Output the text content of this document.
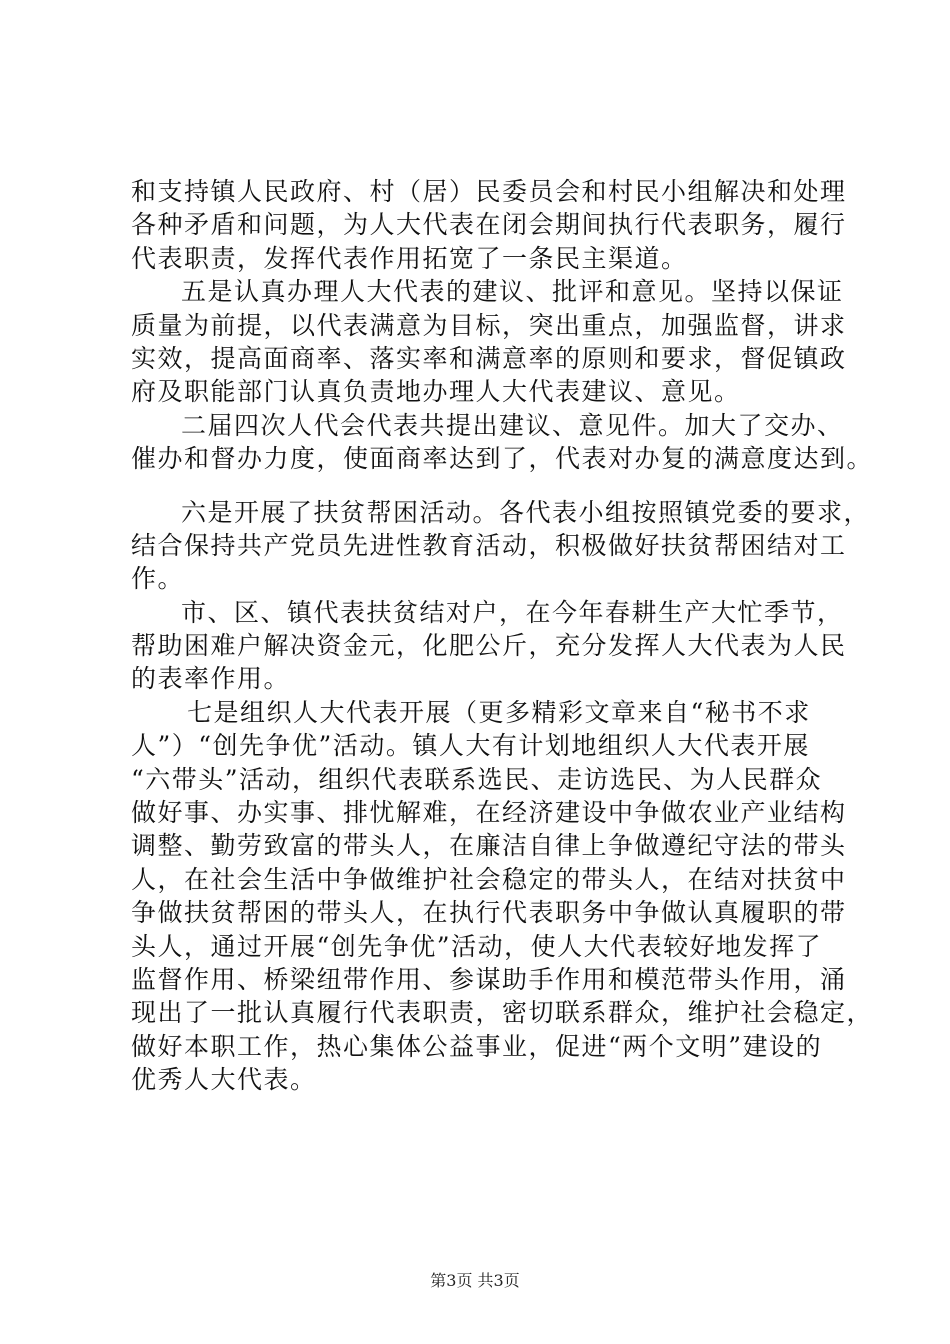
和支持镇人民政府、村（居）民委员会和村民小组解决和处理
各种矛盾和问题，为人大代表在闭会期间执行代表职务，履行
代表职责，发挥代表作用拓宽了一条民主渠道。
五是认真办理人大代表的建议、批评和意见。坚持以保证
质量为前提，以代表满意为目标，突出重点，加强监督，讲求
实效，提高面商率、落实率和满意率的原则和要求，督促镇政
府及职能部门认真负责地办理人大代表建议、意见。
二届四次人代会代表共提出建议、意见件。加大了交办、
催办和督办力度，使面商率达到了，代表对办复的满意度达到。
六是开展了扶贫帮困活动。各代表小组按照镇党委的要求，
结合保持共产党员先进性教育活动，积极做好扶贫帮困结对工
作。
市、区、镇代表扶贫结对户，在今年春耕生产大忙季节，
帮助困难户解决资金元，化肥公斤，充分发挥人大代表为人民
的表率作用。
七是组织人大代表开展（更多精彩文章来自“秘书不求
人”）“创先争优”活动。镇人大有计划地组织人大代表开展
“六带头”活动，组织代表联系选民、走访选民、为人民群众
做好事、办实事、排忧解难，在经济建设中争做农业产业结构
调整、勤劳致富的带头人，在廉洁自律上争做遵纪守法的带头
人，在社会生活中争做维护社会稳定的带头人，在结对扶贫中
争做扶贫帮困的带头人，在执行代表职务中争做认真履职的带
头人，通过开展“创先争优”活动，使人大代表较好地发挥了
监督作用、桥梁纽带作用、参谋助手作用和模范带头作用，涌
现出了一批认真履行代表职责，密切联系群众，维护社会稳定，
做好本职工作，热心集体公益事业，促进“两个文明”建设的
优秀人大代表。
第3页 共3页
